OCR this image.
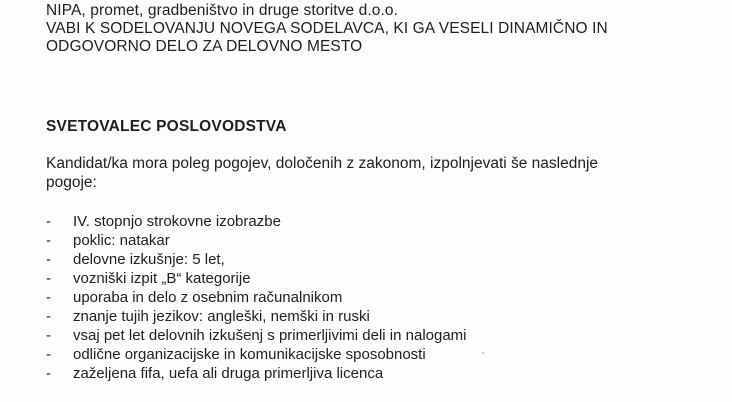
NIPA, promet, gradbeništvo in druge storitve d.o.o.
VABI K SODELOVANJU NOVEGA SODELAVCA, KI GA VESELI DINAMIČNO IN
ODGOVORNO DELO ZA DELOVNO MESTO
SVETOVALEC POSLOVODSTVA
Kandidat/ka mora poleg pogojev, določenih z zakonom, izpolnjevati še naslednje pogoje:
- IV. stopnjo strokovne izobrazbe
- poklic: natakar
- delovne izkušnje: 5 let,
- vozniški izpit „B“ kategorije
- uporaba in delo z osebnim računalnikom
- znanje tujih jezikov: angleški, nemški in ruski
- vsaj pet let delovnih izkušenj s primerljivimi deli in nalogami
- odlične organizacijske in komunikacijske sposobnosti
- zaželjena fifa, uefa ali druga primerljiva licenca
